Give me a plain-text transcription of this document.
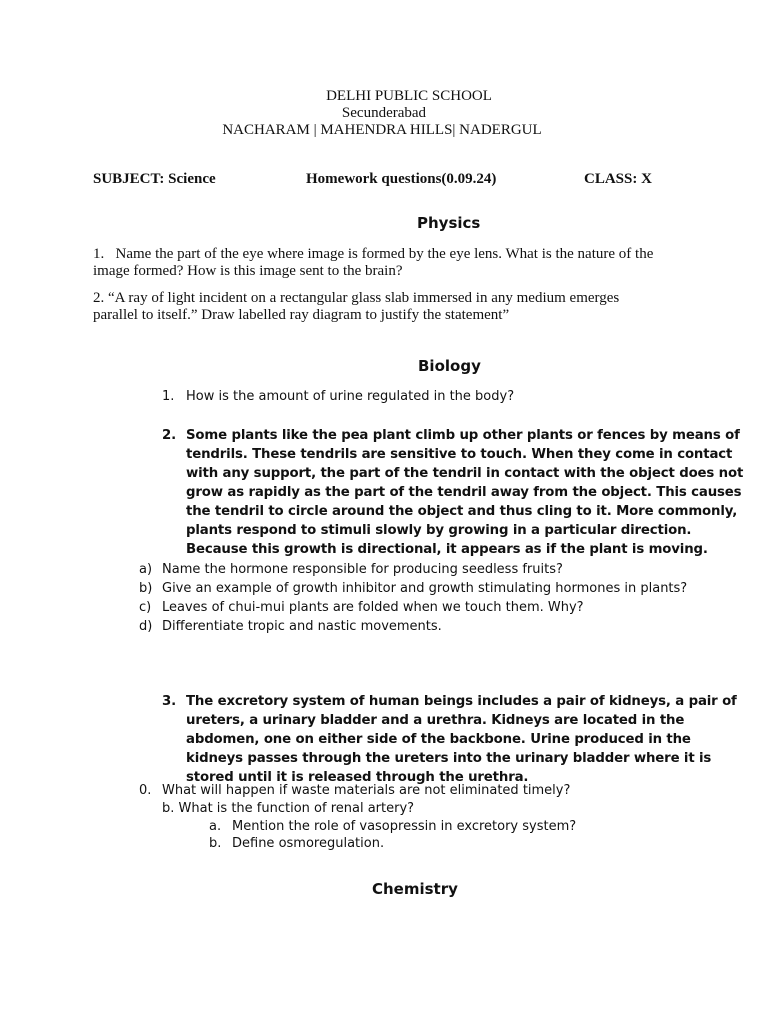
DELHI PUBLIC SCHOOL
Secunderabad
NACHARAM | MAHENDRA HILLS| NADERGUL
SUBJECT: Science	Homework questions(0.09.24)	CLASS: X
Physics
1. Name the part of the eye where image is formed by the eye lens. What is the nature of the
image formed? How is this image sent to the brain?
2. “A ray of light incident on a rectangular glass slab immersed in any medium emerges
parallel to itself.” Draw labelled ray diagram to justify the statement”
Biology
1. How is the amount of urine regulated in the body?
2. Some plants like the pea plant climb up other plants or fences by means of
tendrils. These tendrils are sensitive to touch. When they come in contact
with any support, the part of the tendril in contact with the object does not
grow as rapidly as the part of the tendril away from the object. This causes
the tendril to circle around the object and thus cling to it. More commonly,
plants respond to stimuli slowly by growing in a particular direction.
Because this growth is directional, it appears as if the plant is moving.
a) Name the hormone responsible for producing seedless fruits?
b) Give an example of growth inhibitor and growth stimulating hormones in plants?
c) Leaves of chui-mui plants are folded when we touch them. Why?
d) Differentiate tropic and nastic movements.
3. The excretory system of human beings includes a pair of kidneys, a pair of
ureters, a urinary bladder and a urethra. Kidneys are located in the
abdomen, one on either side of the backbone. Urine produced in the
kidneys passes through the ureters into the urinary bladder where it is
stored until it is released through the urethra.
0. What will happen if waste materials are not eliminated timely?
b. What is the function of renal artery?
a. Mention the role of vasopressin in excretory system?
b. Define osmoregulation.
Chemistry
